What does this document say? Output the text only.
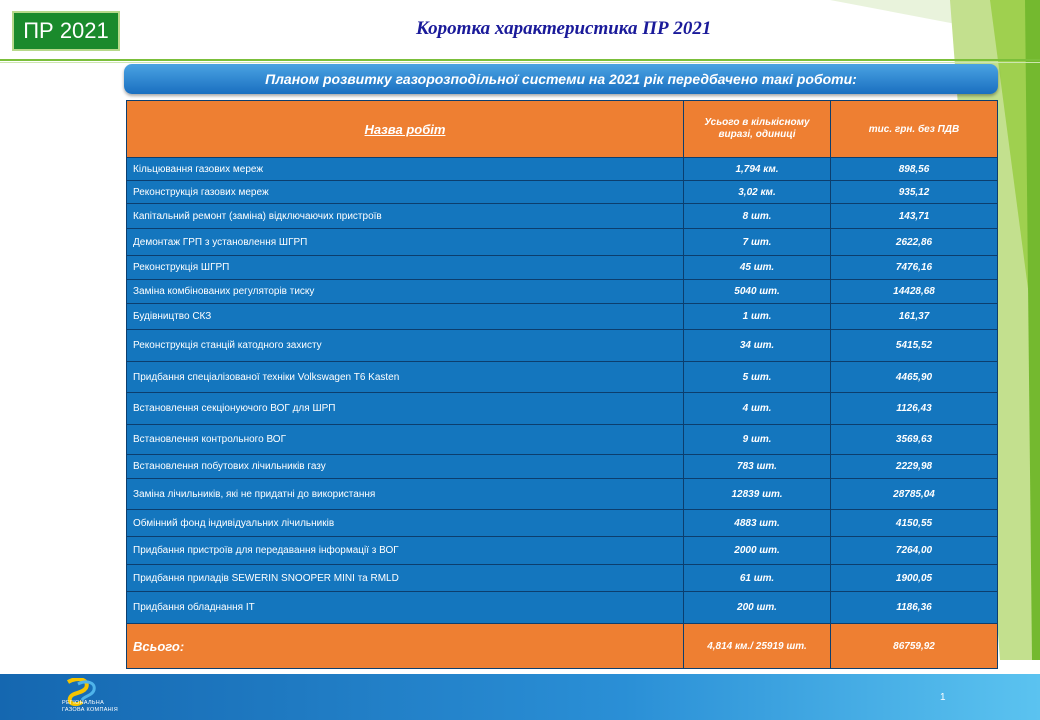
ПР 2021	Коротка характеристика ПР 2021
Планом розвитку газорозподільної системи на 2021 рік передбачено такі роботи:
Назва робіт	Усього в кількісному виразі, одиниці	тис. грн. без ПДВ
Кільцювання газових мереж	1,794 км.	898,56
Реконструкція газових мереж	3,02 км.	935,12
Капітальний ремонт (заміна) відключаючих пристроїв	8 шт.	143,71
Демонтаж ГРП з установлення ШГРП	7 шт.	2622,86
Реконструкція ШГРП	45 шт.	7476,16
Заміна комбінованих регуляторів тиску	5040 шт.	14428,68
Будівництво СКЗ	1 шт.	161,37
Реконструкція станцій катодного захисту	34 шт.	5415,52
Придбання спеціалізованої техніки Volkswagen T6 Kasten	5 шт.	4465,90
Встановлення секціонуючого ВОГ для ШРП	4 шт.	1126,43
Встановлення контрольного ВОГ	9 шт.	3569,63
Встановлення побутових лічильників газу	783 шт.	2229,98
Заміна лічильників, які не придатні до використання	12839 шт.	28785,04
Обмінний фонд індивідуальних лічильників	4883 шт.	4150,55
Придбання пристроїв для передавання інформації з ВОГ	2000 шт.	7264,00
Придбання приладів SEWERIN SNOOPER MINI та RMLD	61 шт.	1900,05
Придбання обладнання ІТ	200 шт.	1186,36
Всього:	4,814 км./ 25919 шт.	86759,92
РЕГІОНАЛЬНА ГАЗОВА КОМПАНІЯ
1
